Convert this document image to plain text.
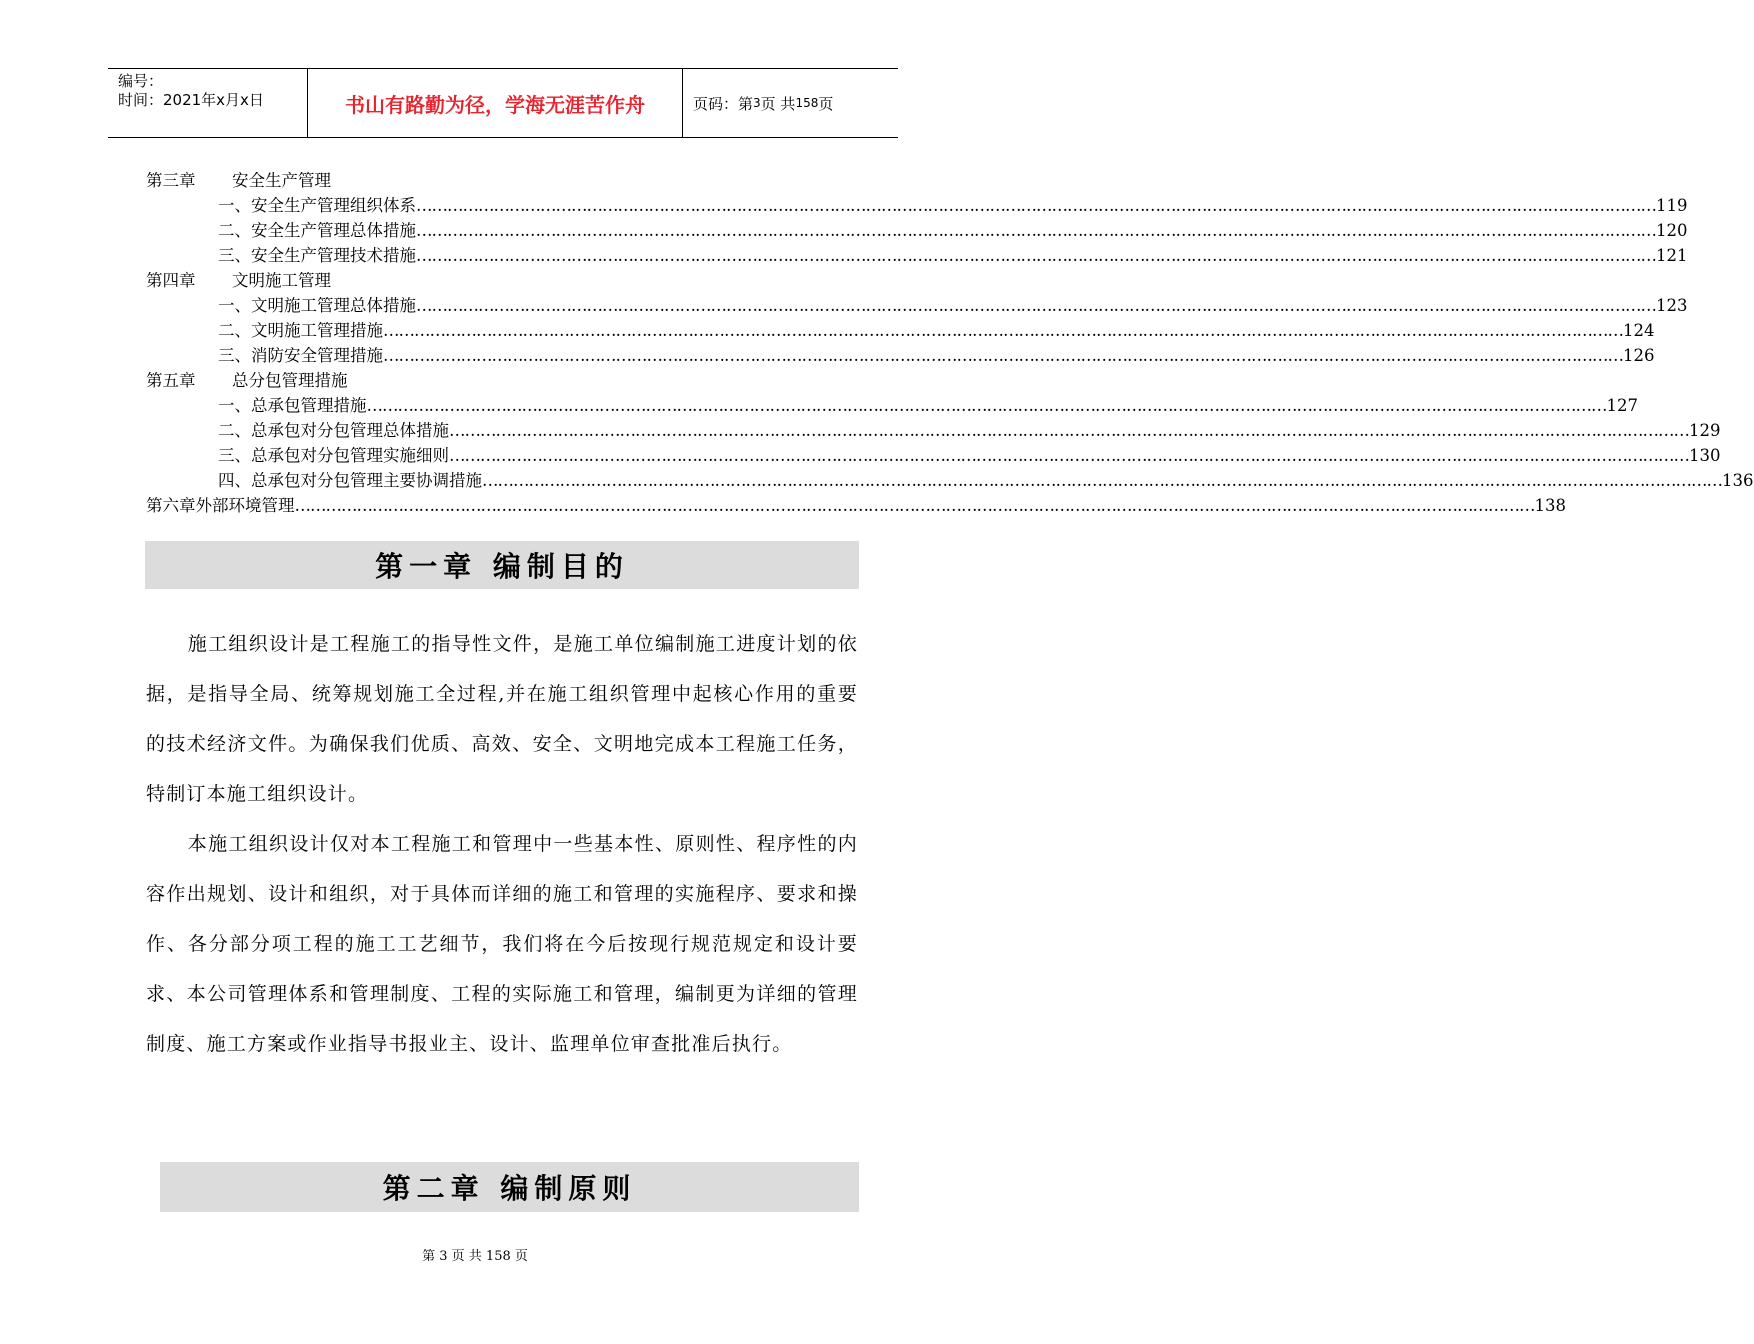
编号：
时间：2021年x月x日	书山有路勤为径，学海无涯苦作舟	页码：第 3 页 共 158 页
第三章	安全生产管理
一、安全生产管理组织体系 …………………………………………………………………………………………………………………………………………………………………………………………………………………… 119
二、安全生产管理总体措施 …………………………………………………………………………………………………………………………………………………………………………………………………………………… 120
三、安全生产管理技术措施 …………………………………………………………………………………………………………………………………………………………………………………………………………………… 121
第四章	文明施工管理
一、文明施工管理总体措施 …………………………………………………………………………………………………………………………………………………………………………………………………………………… 123
二、文明施工管理措施 …………………………………………………………………………………………………………………………………………………………………………………………………………………… 124
三、消防安全管理措施 …………………………………………………………………………………………………………………………………………………………………………………………………………………… 126
第五章	总分包管理措施
一、总承包管理措施 …………………………………………………………………………………………………………………………………………………………………………………………………………………… 127
二、总承包对分包管理总体措施 …………………………………………………………………………………………………………………………………………………………………………………………………………………… 129
三、总承包对分包管理实施细则 …………………………………………………………………………………………………………………………………………………………………………………………………………………… 130
四、总承包对分包管理主要协调措施 …………………………………………………………………………………………………………………………………………………………………………………………………………………… 136
第六章 外部环境管理 …………………………………………………………………………………………………………………………………………………………………………………………………………………… 138
第一章 编制目的

施工组织设计是工程施工的指导性文件，是施工单位编制施工进度计划的依据，是指导全局、统筹规划施工全过程,并在施工组织管理中起核心作用的重要的技术经济文件。为确保我们优质、高效、安全、文明地完成本工程施工任务，特制订本施工组织设计。

本施工组织设计仅对本工程施工和管理中一些基本性、原则性、程序性的内容作出规划、设计和组织，对于具体而详细的施工和管理的实施程序、要求和操作、各分部分项工程的施工工艺细节，我们将在今后按现行规范规定和设计要求、本公司管理体系和管理制度、工程的实际施工和管理，编制更为详细的管理制度、施工方案或作业指导书报业主、设计、监理单位审查批准后执行。

第二章 编制原则
第 3 页 共 158 页
